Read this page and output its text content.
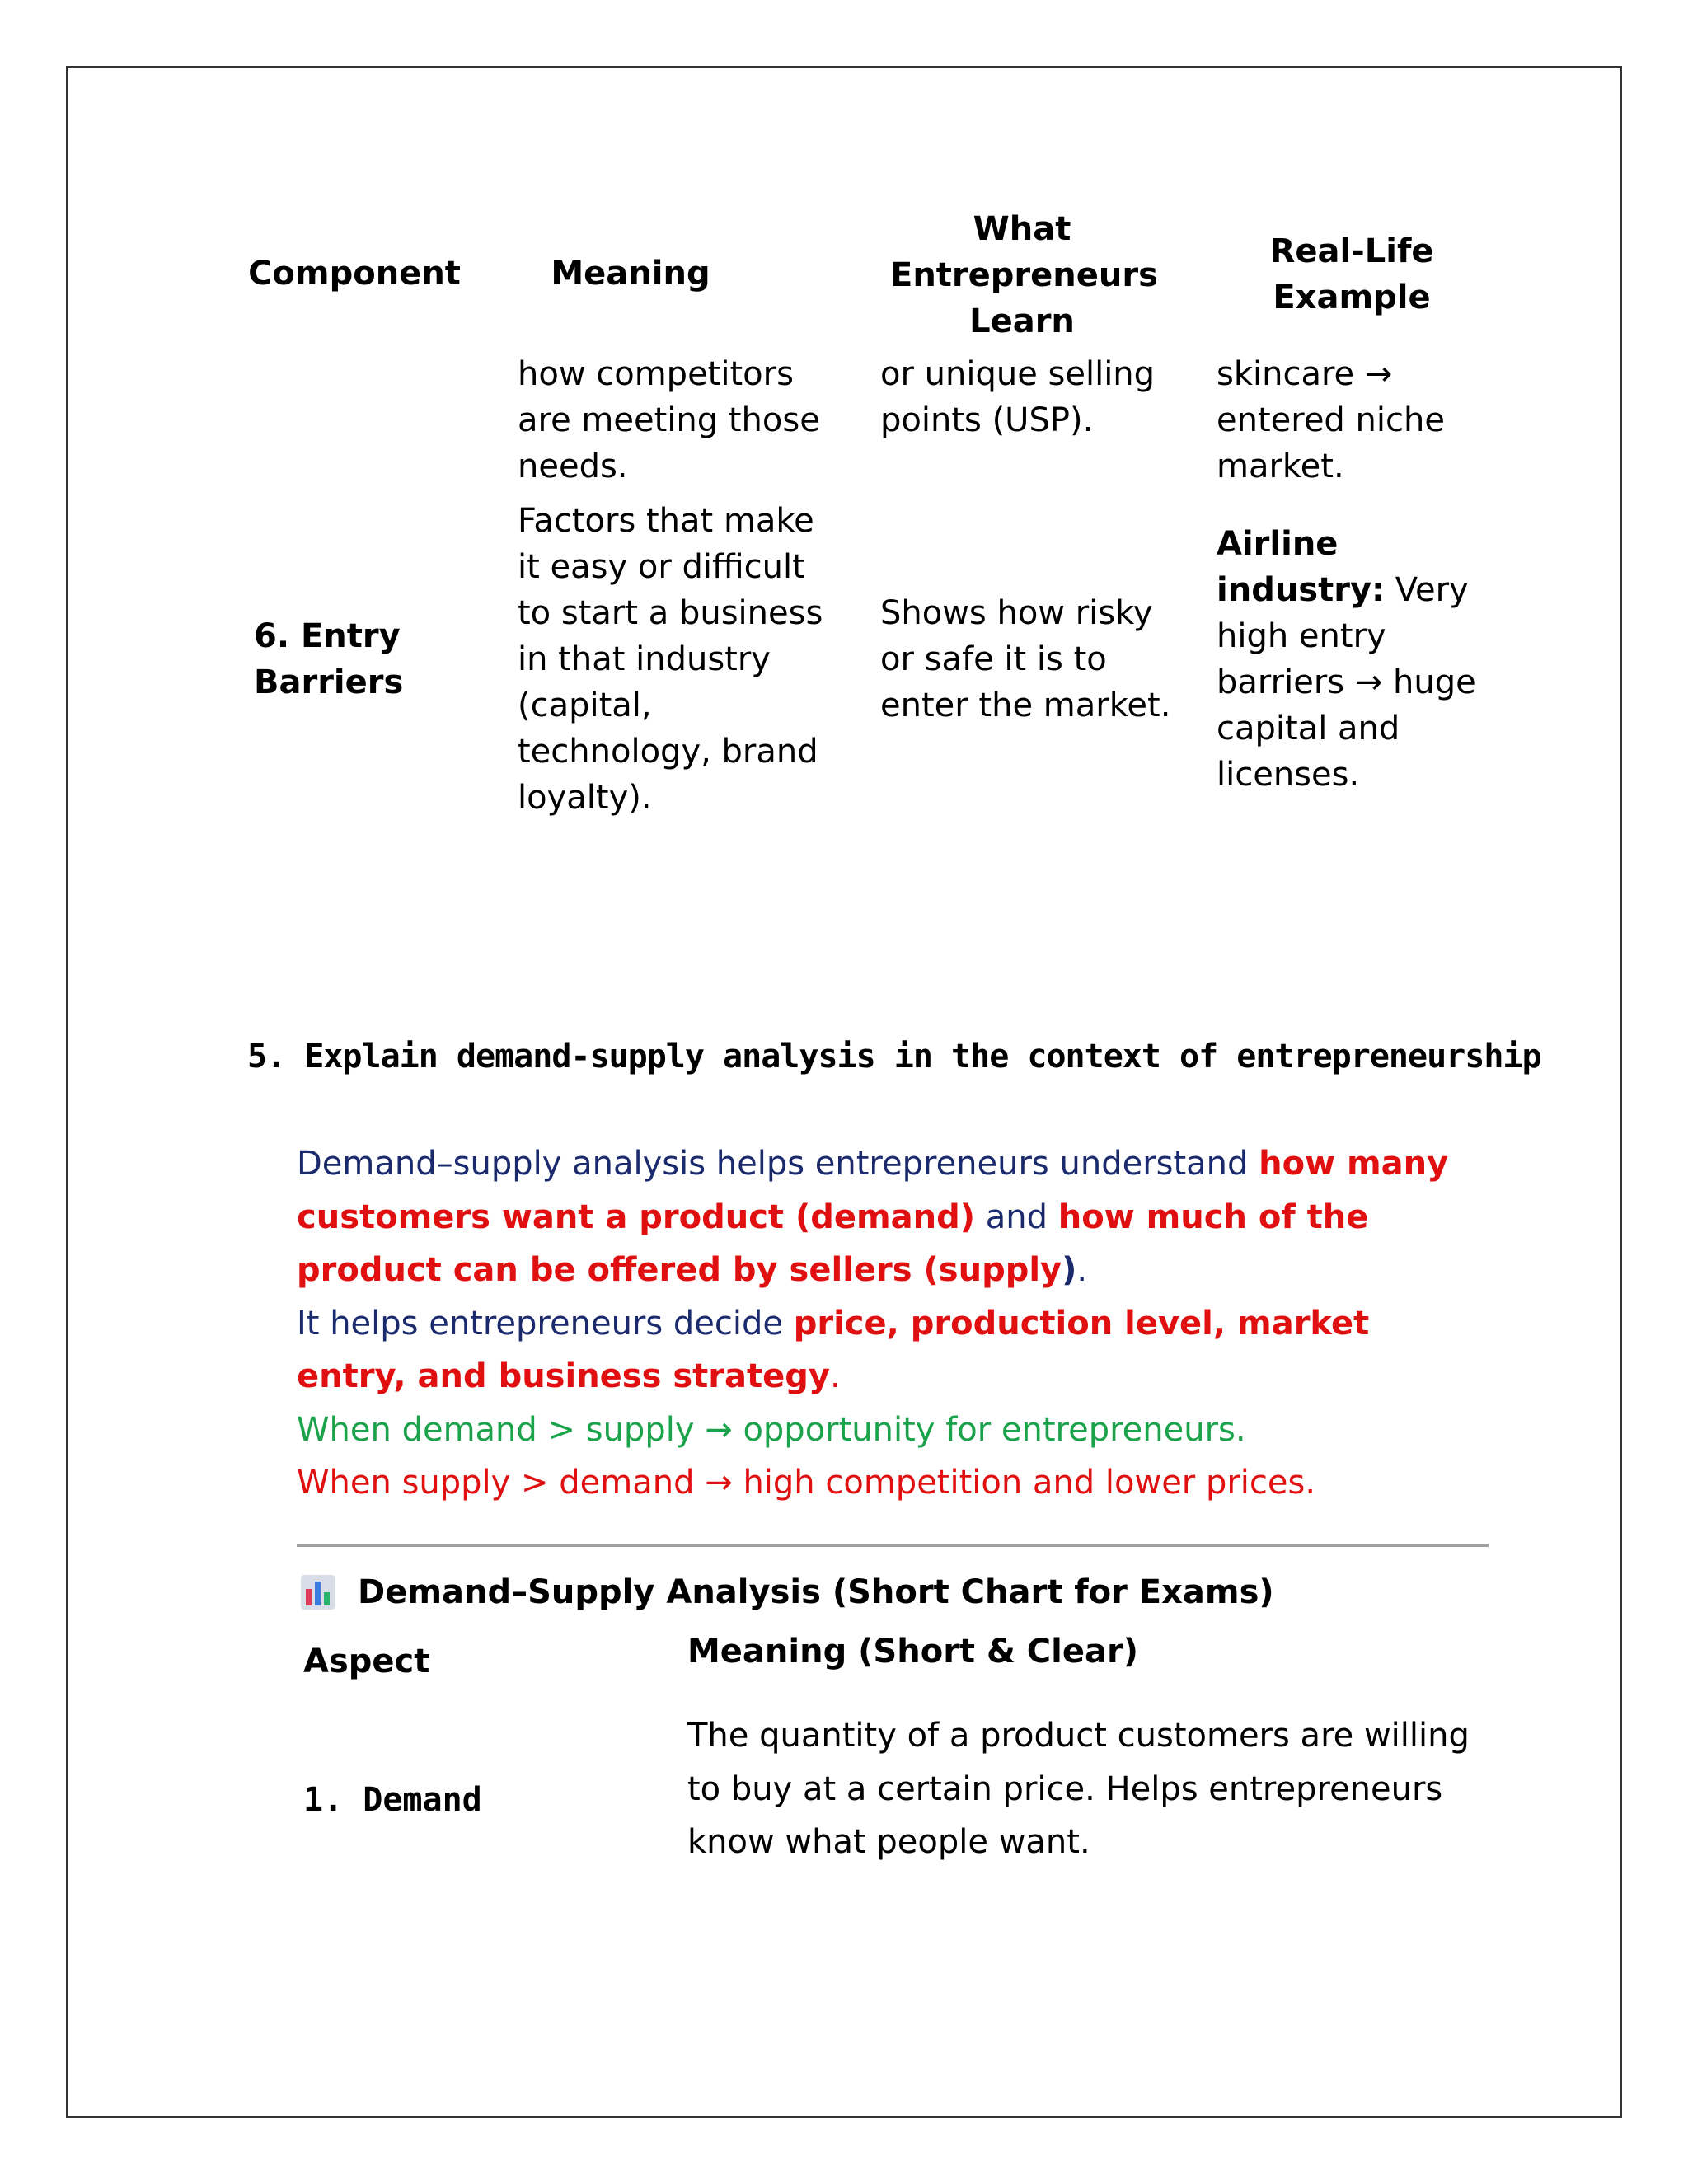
Component	Meaning
What Entrepreneurs Learn
Real-Life Example
how competitors are meeting those needs.
or unique selling points (USP).
skincare → entered niche market.
6. Entry Barriers
Factors that make it easy or difficult to start a business in that industry (capital, technology, brand loyalty).
Shows how risky or safe it is to enter the market.
Airline industry: Very high entry barriers → huge capital and licenses.
5. Explain demand-supply analysis in the context of entrepreneurship
Demand–supply analysis helps entrepreneurs understand how many customers want a product (demand) and how much of the product can be offered by sellers (supply).
It helps entrepreneurs decide price, production level, market entry, and business strategy.
When demand > supply → opportunity for entrepreneurs.
When supply > demand → high competition and lower prices.
Demand–Supply Analysis (Short Chart for Exams)
Aspect	Meaning (Short & Clear)
1. Demand
The quantity of a product customers are willing to buy at a certain price. Helps entrepreneurs know what people want.
